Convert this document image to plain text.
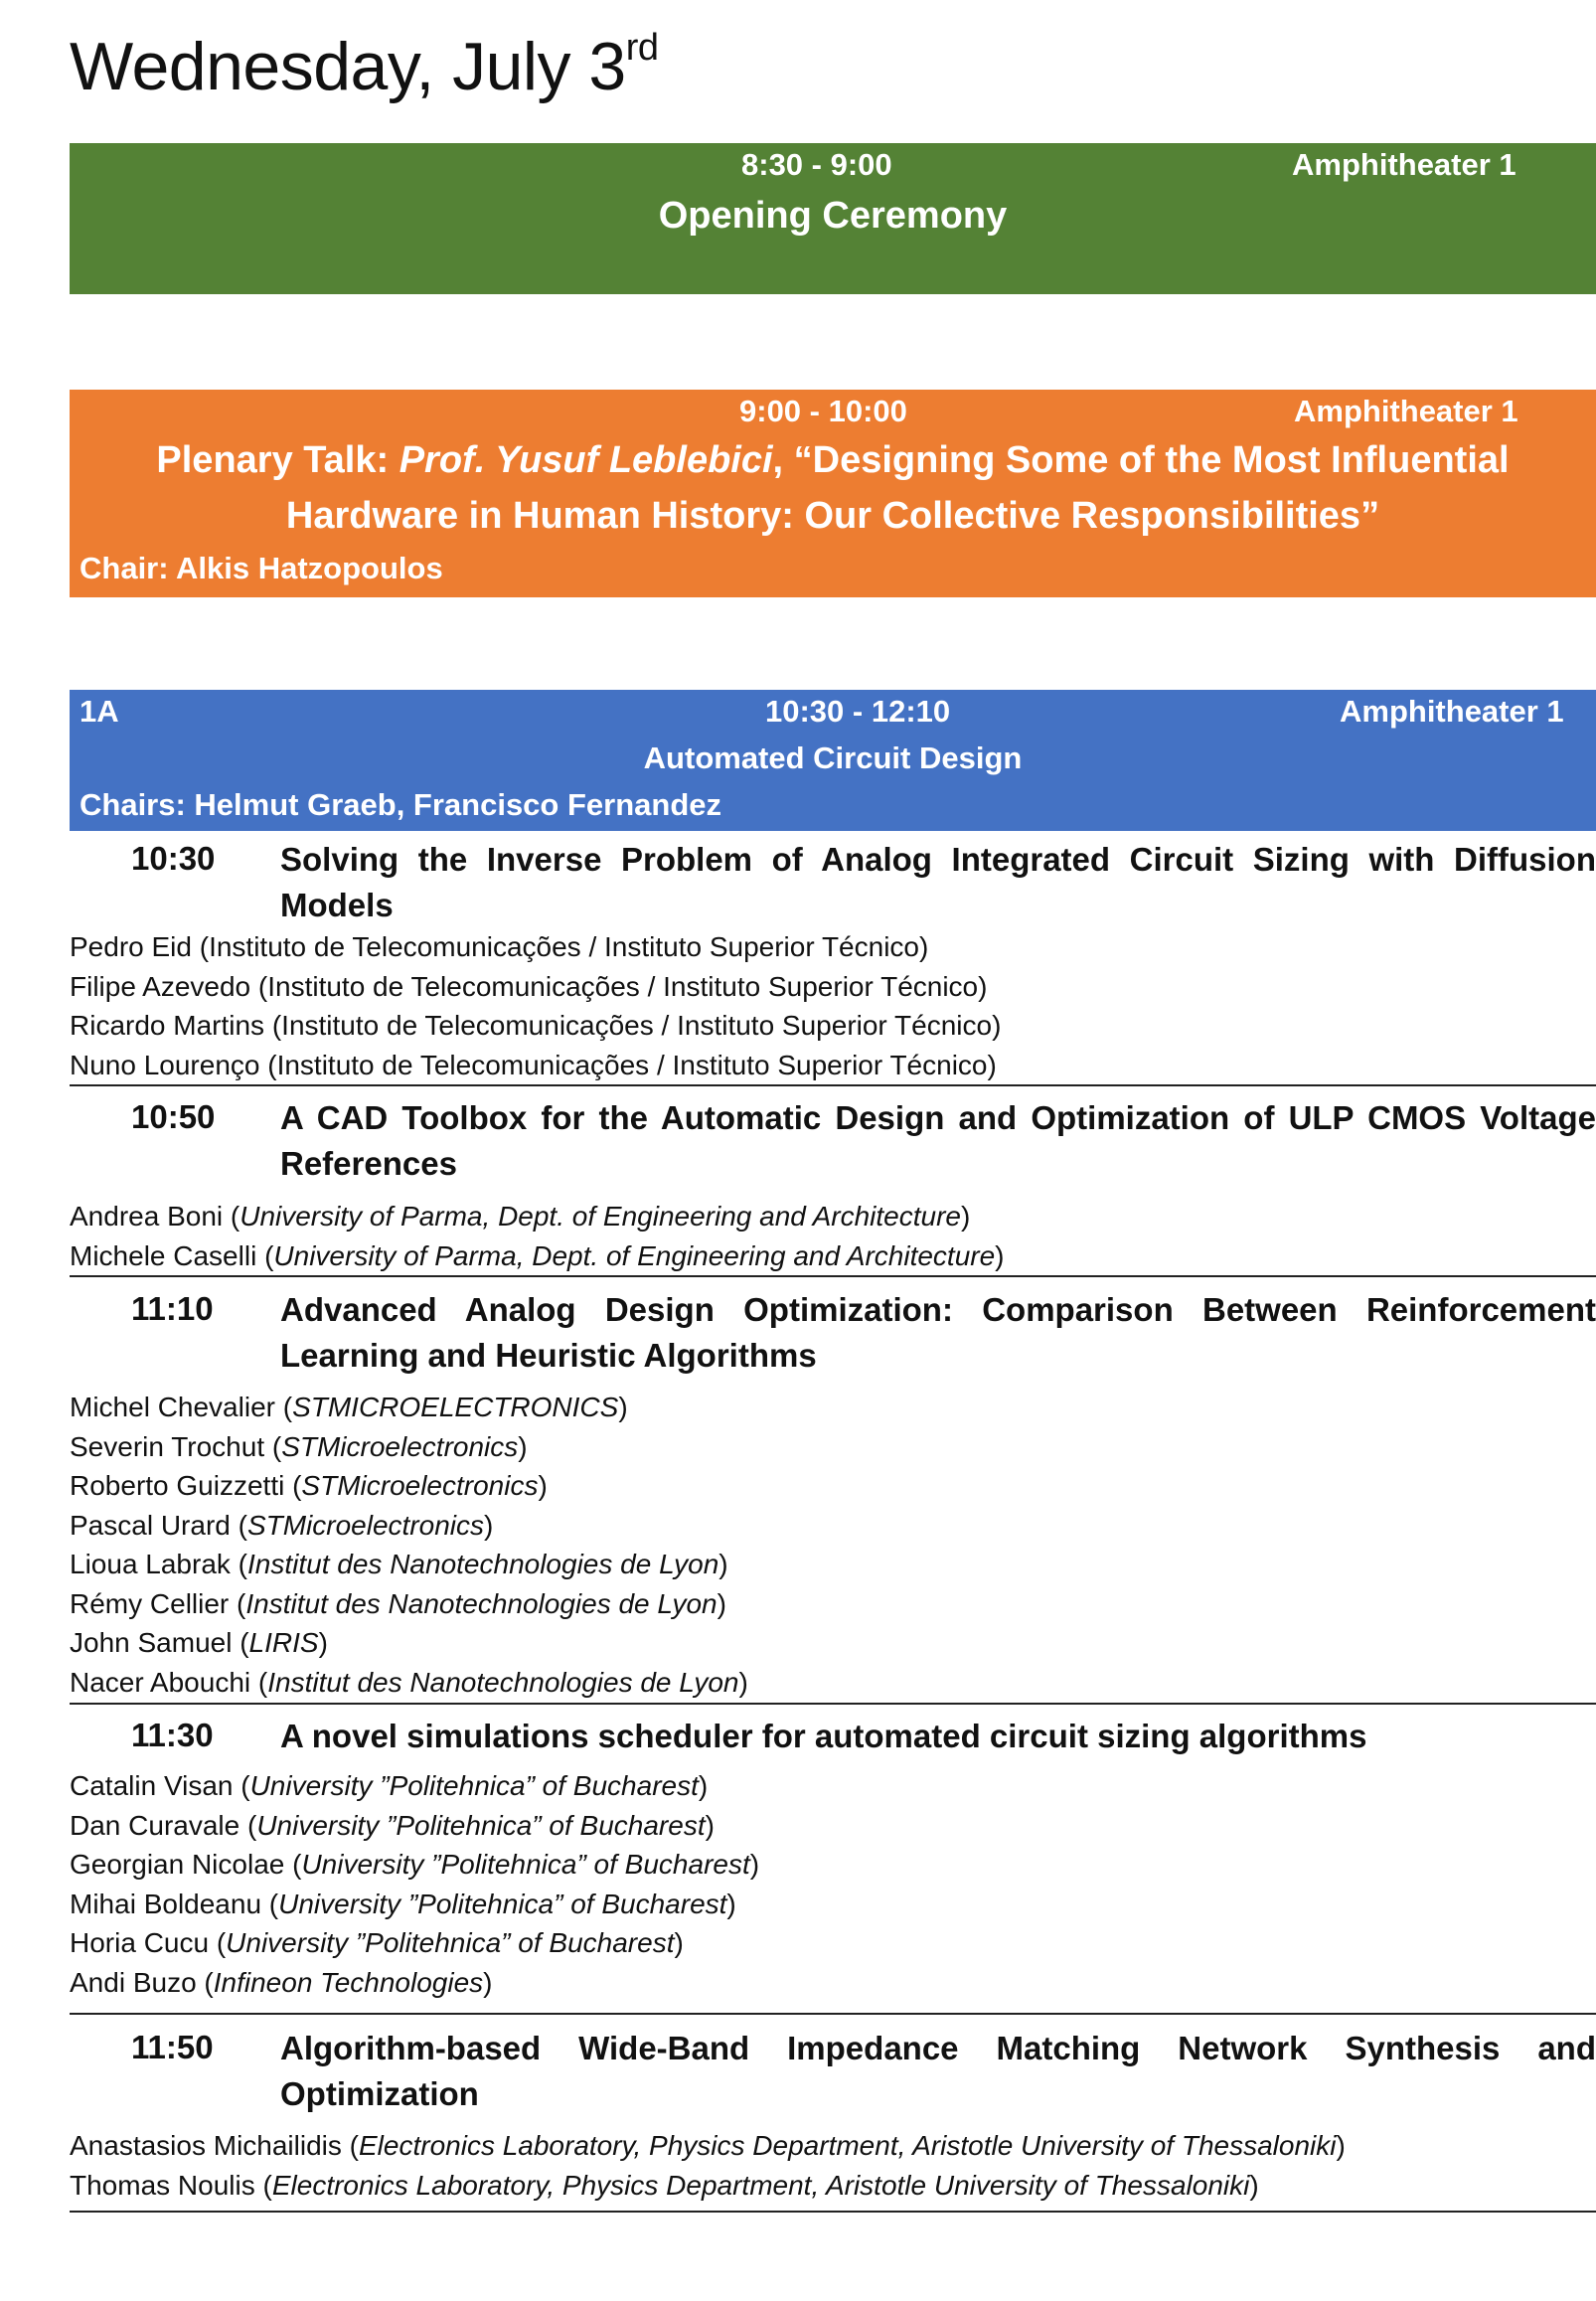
Wednesday, July 3rd
8:30 - 9:00	Amphitheater 1
Opening Ceremony
9:00 - 10:00	Amphitheater 1
Plenary Talk: Prof. Yusuf Leblebici, “Designing Some of the Most Influential
Hardware in Human History: Our Collective Responsibilities”
Chair: Alkis Hatzopoulos
1A	10:30 - 12:10	Amphitheater 1
Automated Circuit Design
Chairs: Helmut Graeb, Francisco Fernandez
10:30 Solving the Inverse Problem of Analog Integrated Circuit Sizing with Diffusion
Models
Pedro Eid (Instituto de Telecomunicações / Instituto Superior Técnico)
Filipe Azevedo (Instituto de Telecomunicações / Instituto Superior Técnico)
Ricardo Martins (Instituto de Telecomunicações / Instituto Superior Técnico)
Nuno Lourenço (Instituto de Telecomunicações / Instituto Superior Técnico)
10:50 A CAD Toolbox for the Automatic Design and Optimization of ULP CMOS Voltage
References
Andrea Boni (University of Parma, Dept. of Engineering and Architecture)
Michele Caselli (University of Parma, Dept. of Engineering and Architecture)
11:10 Advanced Analog Design Optimization: Comparison Between Reinforcement
Learning and Heuristic Algorithms
Michel Chevalier (STMICROELECTRONICS)
Severin Trochut (STMicroelectronics)
Roberto Guizzetti (STMicroelectronics)
Pascal Urard (STMicroelectronics)
Lioua Labrak (Institut des Nanotechnologies de Lyon)
Rémy Cellier (Institut des Nanotechnologies de Lyon)
John Samuel (LIRIS)
Nacer Abouchi (Institut des Nanotechnologies de Lyon)
11:30 A novel simulations scheduler for automated circuit sizing algorithms
Catalin Visan (University ”Politehnica” of Bucharest)
Dan Curavale (University ”Politehnica” of Bucharest)
Georgian Nicolae (University ”Politehnica” of Bucharest)
Mihai Boldeanu (University ”Politehnica” of Bucharest)
Horia Cucu (University ”Politehnica” of Bucharest)
Andi Buzo (Infineon Technologies)
11:50 Algorithm-based Wide-Band Impedance Matching Network Synthesis and
Optimization
Anastasios Michailidis (Electronics Laboratory, Physics Department, Aristotle University of Thessaloniki)
Thomas Noulis (Electronics Laboratory, Physics Department, Aristotle University of Thessaloniki)
